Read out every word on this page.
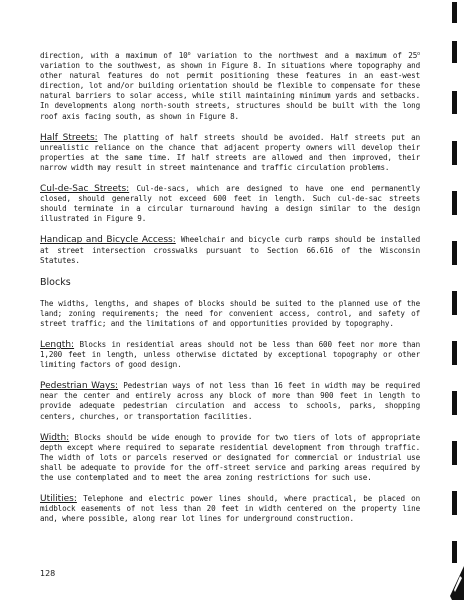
direction, with a maximum of 10$^o$ variation to the northwest and a maximum of 25$^o$ variation to the southwest, as shown in Figure 8. In situations where topography and other natural features do not permit positioning these features in an east-west direction, lot and/or building orientation should be flexible to compensate for these natural barriers to solar access, while still maintaining minimum yards and setbacks. In developments along north-south streets, structures should be built with the long roof axis facing south, as shown in Figure 8.

Half Streets: The platting of half streets should be avoided. Half streets put an unrealistic reliance on the chance that adjacent property owners will develop their properties at the same time. If half streets are allowed and then improved, their narrow width may result in street maintenance and traffic circulation problems.

Cul-de-Sac Streets: Cul-de-sacs, which are designed to have one end permanently closed, should generally not exceed 600 feet in length. Such cul-de-sac streets should terminate in a circular turnaround having a design similar to the design illustrated in Figure 9.

Handicap and Bicycle Access: Wheelchair and bicycle curb ramps should be installed at street intersection crosswalks pursuant to Section 66.616 of the Wisconsin Statutes.

Blocks

The widths, lengths, and shapes of blocks should be suited to the planned use of the land; zoning requirements; the need for convenient access, control, and safety of street traffic; and the limitations of and opportunities provided by topography.

Length: Blocks in residential areas should not be less than 600 feet nor more than 1,200 feet in length, unless otherwise dictated by exceptional topography or other limiting factors of good design.

Pedestrian Ways: Pedestrian ways of not less than 16 feet in width may be required near the center and entirely across any block of more than 900 feet in length to provide adequate pedestrian circulation and access to schools, parks, shopping centers, churches, or transportation facilities.

Width: Blocks should be wide enough to provide for two tiers of lots of appropriate depth except where required to separate residential development from through traffic. The width of lots or parcels reserved or designated for commercial or industrial use shall be adequate to provide for the off-street service and parking areas required by the use contemplated and to meet the area zoning restrictions for such use.

Utilities: Telephone and electric power lines should, where practical, be placed on midblock easements of not less than 20 feet in width centered on the property line and, where possible, along rear lot lines for underground construction.

128
